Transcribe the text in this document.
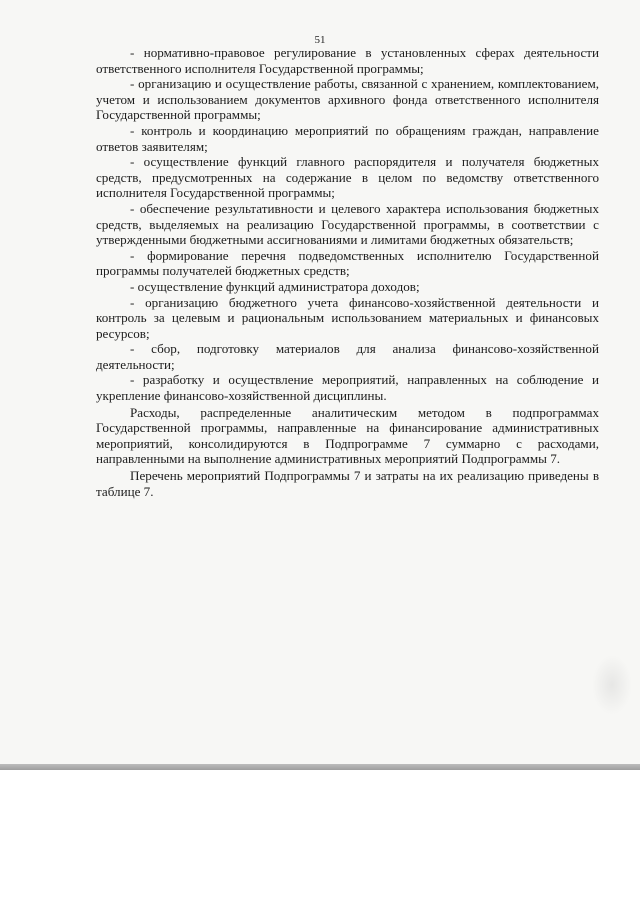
51

- нормативно-правовое регулирование в установленных сферах деятельности ответственного исполнителя Государственной программы;

- организацию и осуществление работы, связанной с хранением, комплектованием, учетом и использованием документов архивного фонда ответственного исполнителя Государственной программы;

- контроль и координацию мероприятий по обращениям граждан, направление ответов заявителям;

- осуществление функций главного распорядителя и получателя бюджетных средств, предусмотренных на содержание в целом по ведомству ответственного исполнителя Государственной программы;

- обеспечение результативности и целевого характера использования бюджетных средств, выделяемых на реализацию Государственной программы, в соответствии с утвержденными бюджетными ассигнованиями и лимитами бюджетных обязательств;

- формирование перечня подведомственных исполнителю Государственной программы получателей бюджетных средств;

- осуществление функций администратора доходов;

- организацию бюджетного учета финансово-хозяйственной деятельности и контроль за целевым и рациональным использованием материальных и финансовых ресурсов;

- сбор, подготовку материалов для анализа финансово-хозяйственной деятельности;

- разработку и осуществление мероприятий, направленных на соблюдение и укрепление финансово-хозяйственной дисциплины.

Расходы, распределенные аналитическим методом в подпрограммах Государственной программы, направленные на финансирование административных мероприятий, консолидируются в Подпрограмме 7 суммарно с расходами, направленными на выполнение административных мероприятий Подпрограммы 7.

Перечень мероприятий Подпрограммы 7 и затраты на их реализацию приведены в таблице 7.
